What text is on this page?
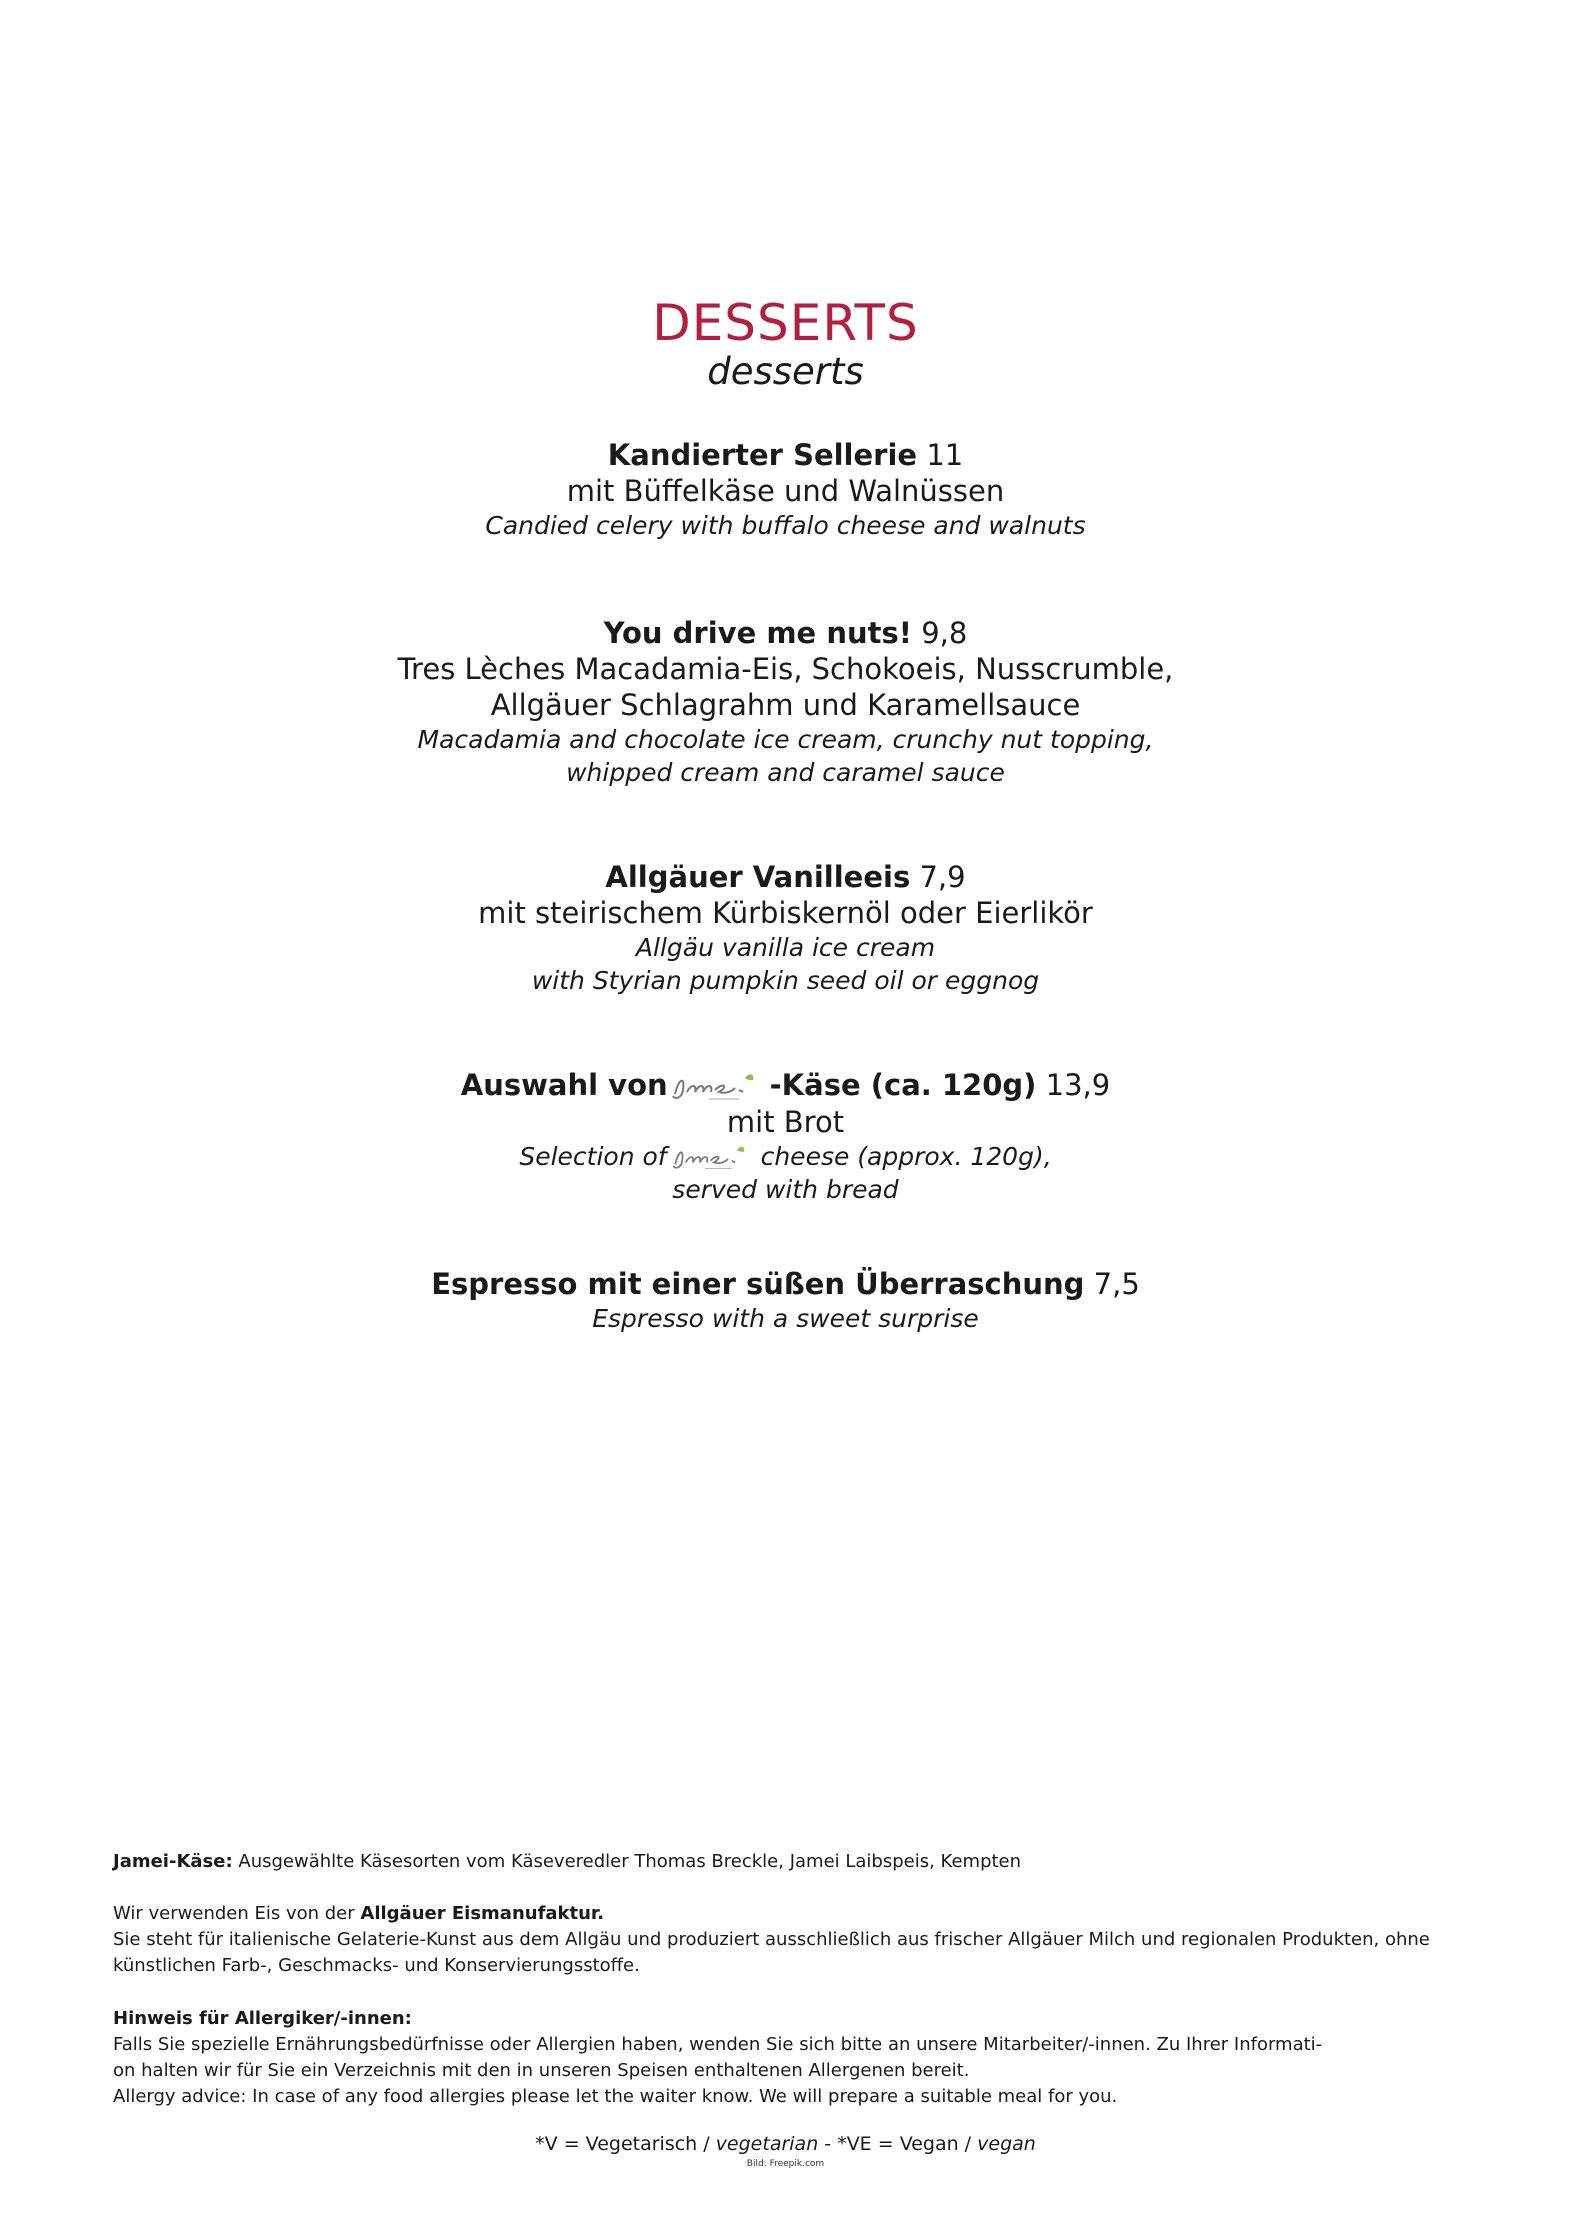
DESSERTS
desserts
Kandierter Sellerie 11
mit Büffelkäse und Walnüssen
Candied celery with buffalo cheese and walnuts
You drive me nuts! 9,8
Tres Lèches Macadamia-Eis, Schokoeis, Nusscrumble,
Allgäuer Schlagrahm und Karamellsauce
Macadamia and chocolate ice cream, crunchy nut topping,
whipped cream and caramel sauce
Allgäuer Vanilleeis 7,9
mit steirischem Kürbiskernöl oder Eierlikör
Allgäu vanilla ice cream
with Styrian pumpkin seed oil or eggnog
Auswahl von	-Käse (ca. 120g) 13,9
mit Brot
Selection of	cheese (approx. 120g),
served with bread
Espresso mit einer süßen Überraschung 7,5
Espresso with a sweet surprise
Jamei-Käse: Ausgewählte Käsesorten vom Käseveredler Thomas Breckle, Jamei Laibspeis, Kempten
Wir verwenden Eis von der Allgäuer Eismanufaktur.
Sie steht für italienische Gelaterie-Kunst aus dem Allgäu und produziert ausschließlich aus frischer Allgäuer Milch und regionalen Produkten, ohne
künstlichen Farb-, Geschmacks- und Konservierungsstoffe.
Hinweis für Allergiker/-innen:
Falls Sie spezielle Ernährungsbedürfnisse oder Allergien haben, wenden Sie sich bitte an unsere Mitarbeiter/-innen. Zu Ihrer Informati-
on halten wir für Sie ein Verzeichnis mit den in unseren Speisen enthaltenen Allergenen bereit.
Allergy advice: In case of any food allergies please let the waiter know. We will prepare a suitable meal for you.
*V = Vegetarisch / vegetarian - *VE = Vegan / vegan
Bild: Freepik.com
